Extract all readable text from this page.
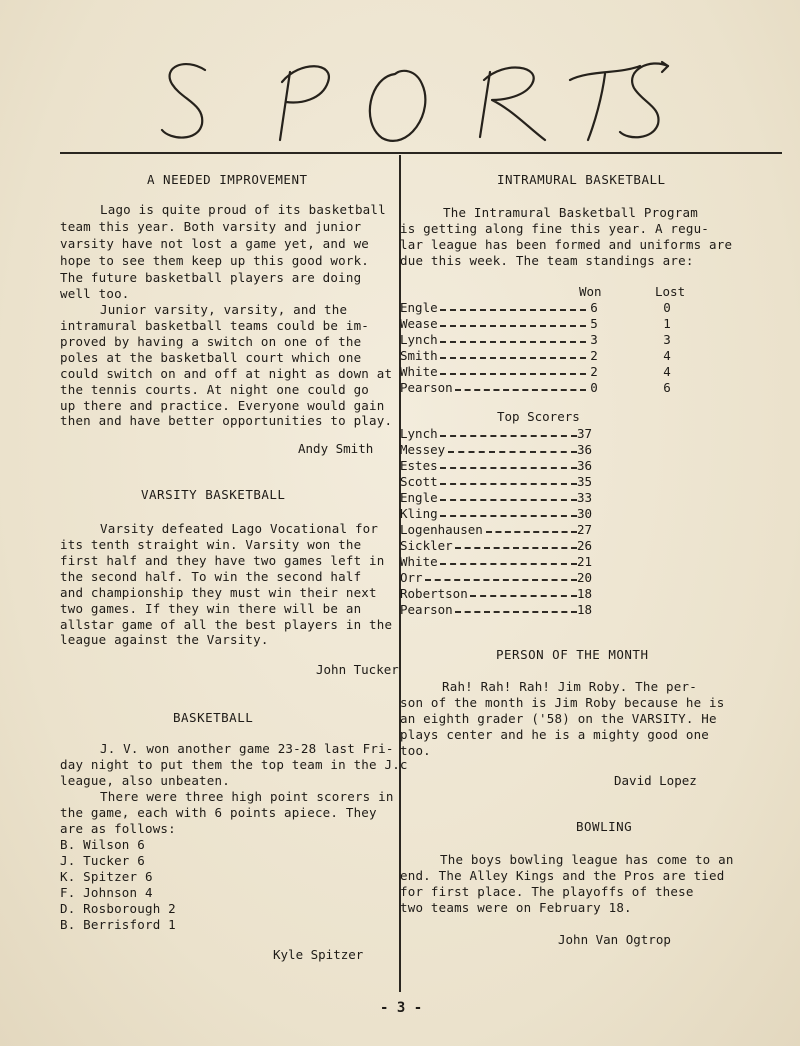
A NEEDED IMPROVEMENT
Lago is quite proud of its basketball
team this year. Both varsity and junior
varsity have not lost a game yet, and we
hope to see them keep up this good work.
The future basketball players are doing
well too.
Junior varsity, varsity, and the
intramural basketball teams could be im-
proved by having a switch on one of the
poles at the basketball court which one
could switch on and off at night as down at
the tennis courts. At night one could go
up there and practice. Everyone would gain
then and have better opportunities to play.
Andy Smith
VARSITY BASKETBALL
Varsity defeated Lago Vocational for
its tenth straight win. Varsity won the
first half and they have two games left in
the second half. To win the second half
and championship they must win their next
two games. If they win there will be an
allstar game of all the best players in the
league against the Varsity.
John Tucker
BASKETBALL
J. V. won another game 23-28 last Fri-
day night to put them the top team in the J.c
league, also unbeaten.
There were three high point scorers in
the game, each with 6 points apiece. They
are as follows:
B. Wilson 6
J. Tucker 6
K. Spitzer 6
F. Johnson 4
D. Rosborough 2
B. Berrisford 1
Kyle Spitzer
INTRAMURAL BASKETBALL
The Intramural Basketball Program
is getting along fine this year. A regu-
lar league has been formed and uniforms are
due this week. The team standings are:
Won	Lost
Engle	6	0
Wease	5	1
Lynch	3	3
Smith	2	4
White	2	4
Pearson	0	6
Top Scorers
Lynch	37
Messey	36
Estes	36
Scott	35
Engle	33
Kling	30
Logenhausen	27
Sickler	26
White	21
Orr	20
Robertson	18
Pearson	18
PERSON OF THE MONTH
Rah! Rah! Rah! Jim Roby. The per-
son of the month is Jim Roby because he is
an eighth grader ('58) on the VARSITY. He
plays center and he is a mighty good one
too.
David Lopez
BOWLING
The boys bowling league has come to an
end. The Alley Kings and the Pros are tied
for first place. The playoffs of these
two teams were on February 18.
John Van Ogtrop
- 3 -
